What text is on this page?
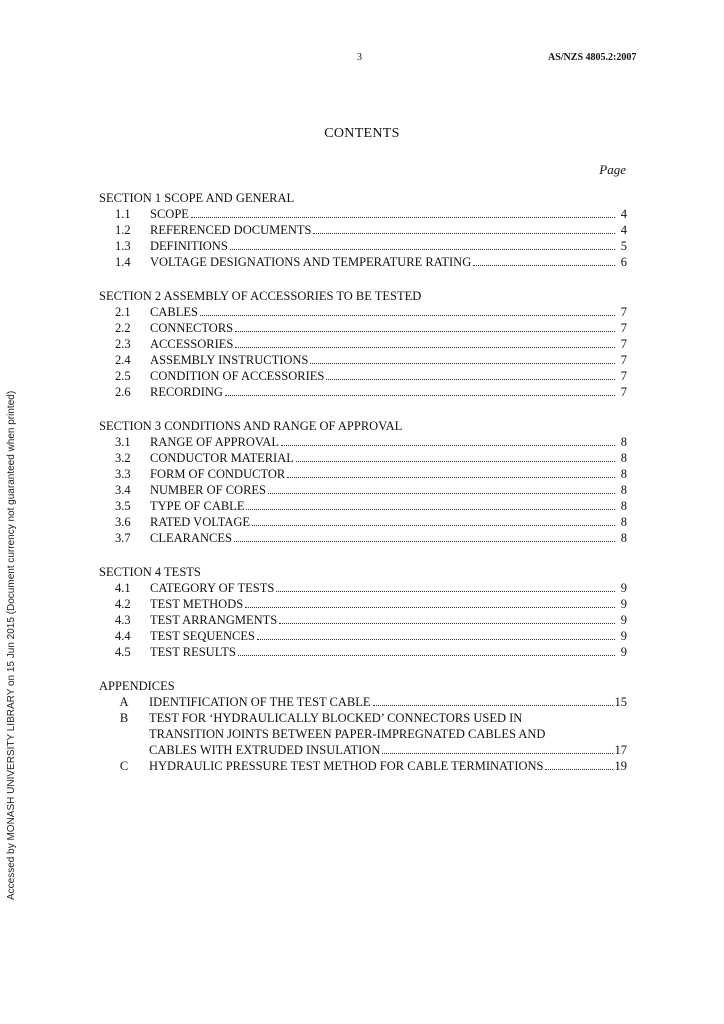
3	AS/NZS 4805.2:2007
CONTENTS
Page
Accessed by MONASH UNIVERSITY LIBRARY on 15 Jun 2015 (Document currency not guaranteed when printed)
SECTION 1 SCOPE AND GENERAL
1.1	SCOPE	4
1.2	REFERENCED DOCUMENTS	4
1.3	DEFINITIONS	5
1.4	VOLTAGE DESIGNATIONS AND TEMPERATURE RATING	6
SECTION 2 ASSEMBLY OF ACCESSORIES TO BE TESTED
2.1	CABLES	7
2.2	CONNECTORS	7
2.3	ACCESSORIES	7
2.4	ASSEMBLY INSTRUCTIONS	7
2.5	CONDITION OF ACCESSORIES	7
2.6	RECORDING	7
SECTION 3 CONDITIONS AND RANGE OF APPROVAL
3.1	RANGE OF APPROVAL	8
3.2	CONDUCTOR MATERIAL	8
3.3	FORM OF CONDUCTOR	8
3.4	NUMBER OF CORES	8
3.5	TYPE OF CABLE	8
3.6	RATED VOLTAGE	8
3.7	CLEARANCES	8
SECTION 4 TESTS
4.1	CATEGORY OF TESTS	9
4.2	TEST METHODS	9
4.3	TEST ARRANGMENTS	9
4.4	TEST SEQUENCES	9
4.5	TEST RESULTS	9
APPENDICES
A	IDENTIFICATION OF THE TEST CABLE	15
B	TEST FOR ‘HYDRAULICALLY BLOCKED’ CONNECTORS USED IN
TRANSITION JOINTS BETWEEN PAPER-IMPREGNATED CABLES AND
CABLES WITH EXTRUDED INSULATION	17
C	HYDRAULIC PRESSURE TEST METHOD FOR CABLE TERMINATIONS	19
